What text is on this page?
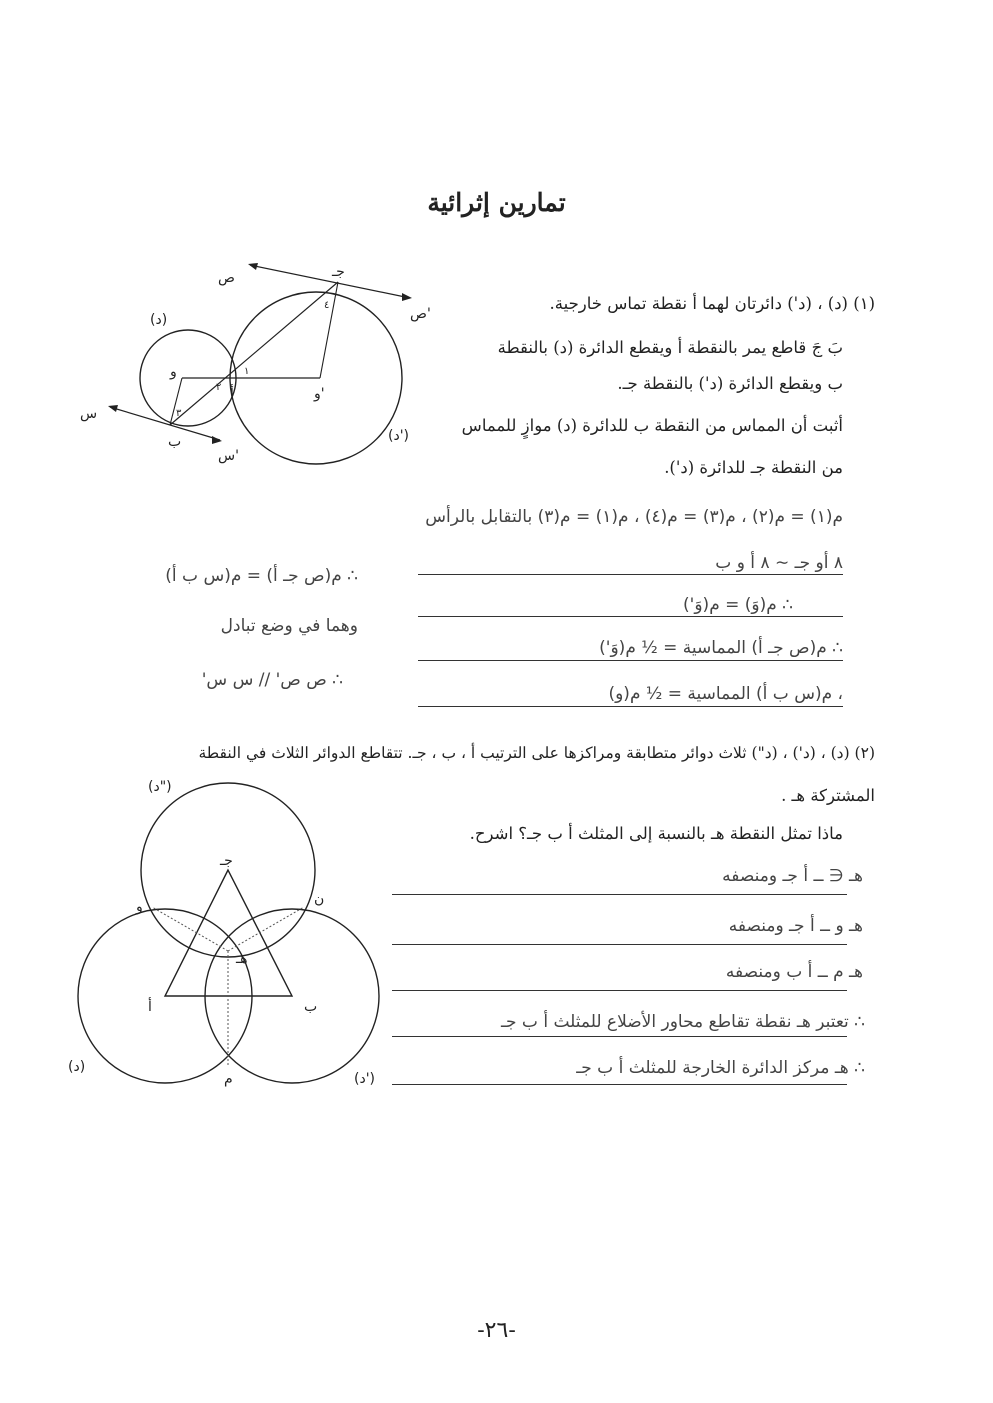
تمارين إثرائية
(د)
(د')
ص
ص'
س
س'
جـ
ب
أ
و
و'
١
٢
٣
٤	(١) (د) ، (د') دائرتان لهما أ نقطة تماس خارجية.
بَ جَ قاطع يمر بالنقطة أ ويقطع الدائرة (د) بالنقطة
ب ويقطع الدائرة (د') بالنقطة جـ.
أثبت أن المماس من النقطة ب للدائرة (د) موازٍ للمماس
من النقطة جـ للدائرة (د').
م(١) = م(٢) ، م(٣) = م(٤) ، م(١) = م(٣) بالتقابل بالرأس
٨ أو جـ ∽ ٨ أ و ب
∴ م(وَ) = م(وَ')
∴ م(ص جـ أ) المماسية = ½ م(وَ')
، م(س ب أ) المماسية = ½ م(و)
∴ م(ص جـ أ) = م(س ب أ)
وهما في وضع تبادل
∴ ص ص' // س س'
(٢) (د) ، (د') ، (د") ثلاث دوائر متطابقة ومراكزها على الترتيب أ ، ب ، جـ. تتقاطع الدوائر الثلاث في النقطة
المشتركة هـ .
ماذا تمثل النقطة هـ بالنسبة إلى المثلث أ ب جـ؟ اشرح.
(د")
(د)
(د')
جـ
و	ن
هـ
أ	ب
م
هـ ∈ ــ أ جـ ومنصفه
هـ و ــ أ جـ ومنصفه
هـ م ــ أ ب ومنصفه
∴ تعتبر هـ نقطة تقاطع محاور الأضلاع للمثلث أ ب جـ
∴ هـ مركز الدائرة الخارجة للمثلث أ ب جـ
-٢٦-
